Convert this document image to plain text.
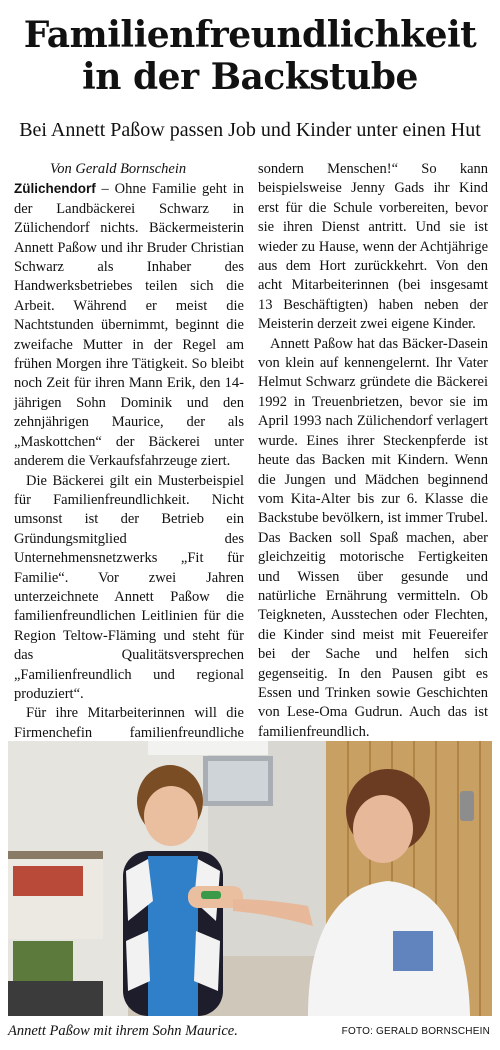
Familienfreundlichkeit
in der Backstube

Bei Annett Paßow passen Job und Kinder unter einen Hut

Von Gerald Bornschein

Zülichendorf – Ohne Familie geht in der Landbäckerei Schwarz in Zülichendorf nichts. Bäckermeisterin Annett Paßow und ihr Bruder Christian Schwarz als Inhaber des Handwerksbetriebes teilen sich die Arbeit. Während er meist die Nachtstunden übernimmt, beginnt die zweifache Mutter in der Regel am frühen Morgen ihre Tätigkeit. So bleibt noch Zeit für ihren Mann Erik, den 14-jährigen Sohn Dominik und den zehnjährigen Maurice, der als „Maskottchen“ der Bäckerei unter anderem die Verkaufsfahrzeuge ziert.

Die Bäckerei gilt ein Musterbeispiel für Familienfreundlichkeit. Nicht umsonst ist der Betrieb ein Gründungsmitglied des Unternehmensnetzwerks „Fit für Familie“. Vor zwei Jahren unterzeichnete Annett Paßow die familienfreundlichen Leitlinien für die Region Teltow-Fläming und steht für das Qualitätsversprechen „Familienfreundlich und regional produziert“.

Für ihre Mitarbeiterinnen will die Firmenchefin familienfreundliche

sondern Menschen!“ So kann beispielsweise Jenny Gads ihr Kind erst für die Schule vorbereiten, bevor sie ihren Dienst antritt. Und sie ist wieder zu Hause, wenn der Achtjährige aus dem Hort zurückkehrt. Von den acht Mitarbeiterinnen (bei insgesamt 13 Beschäftigten) haben neben der Meisterin derzeit zwei eigene Kinder.

Annett Paßow hat das Bäcker-Dasein von klein auf kennengelernt. Ihr Vater Helmut Schwarz gründete die Bäckerei 1992 in Treuenbrietzen, bevor sie im April 1993 nach Zülichendorf verlagert wurde. Eines ihrer Steckenpferde ist heute das Backen mit Kindern. Wenn die Jungen und Mädchen beginnend vom Kita-Alter bis zur 6. Klasse die Backstube bevölkern, ist immer Trubel. Das Backen soll Spaß machen, aber gleichzeitig motorische Fertigkeiten und Wissen über gesunde und natürliche Ernährung vermitteln. Ob Teigkneten, Ausstechen oder Flechten, die Kinder sind meist mit Feuereifer bei der Sache und helfen sich gegenseitig. In den Pausen gibt es Essen und Trinken sowie Geschichten von Lese-Oma Gudrun. Auch das ist familienfreundlich.

Annett Paßow mit ihrem Sohn Maurice.	FOTO: GERALD BORNSCHEIN
